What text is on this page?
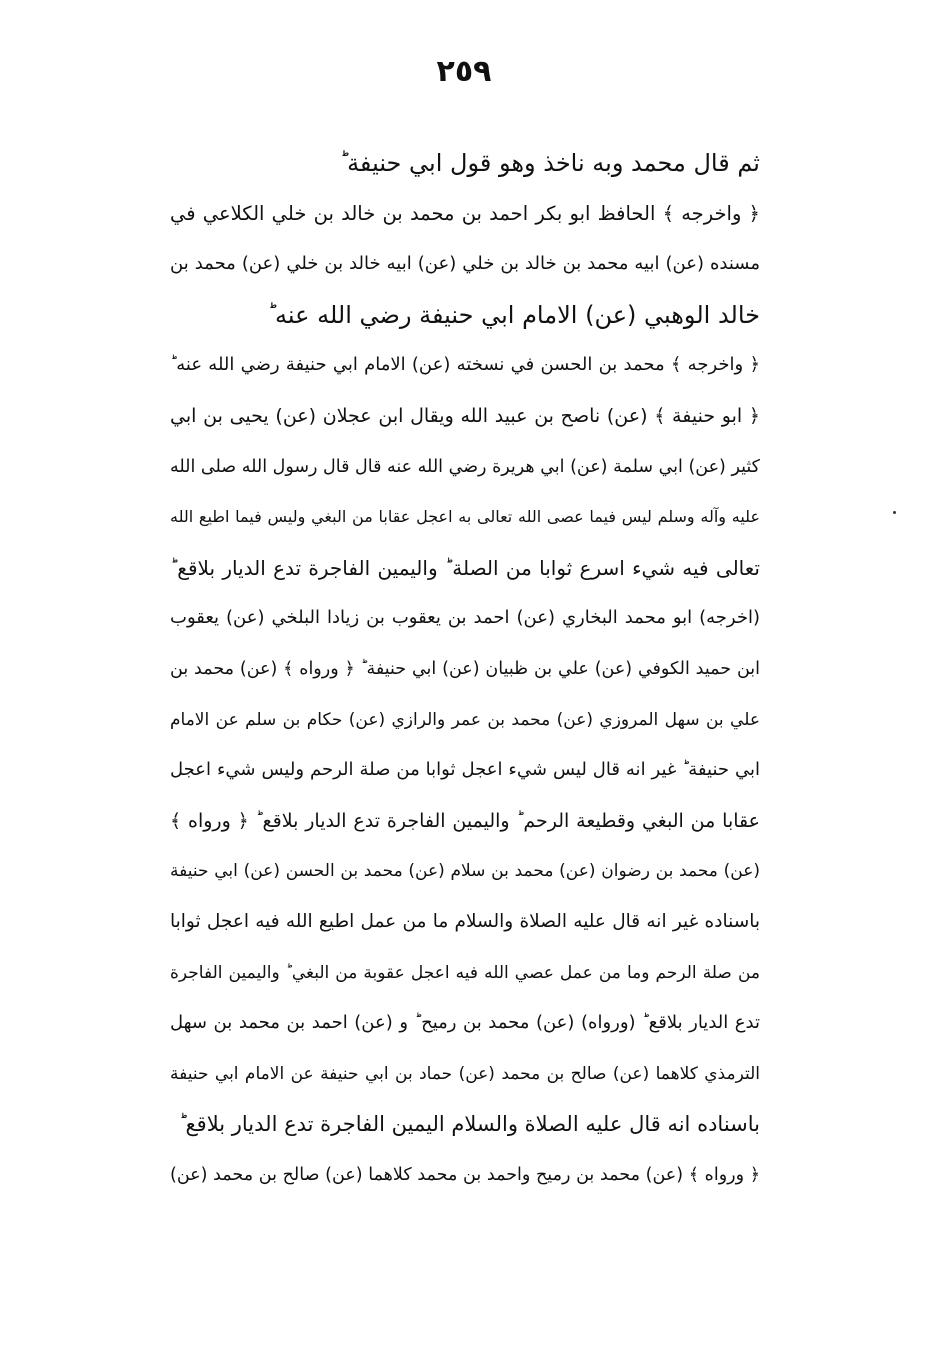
٢٥٩
ثم قال محمد وبه ناخذ وهو قول ابي حنيفة ؕ
﴿ واخرجه ﴾ الحافظ ابو بكر احمد بن محمد بن خالد بن خلي الكلاعي في
مسنده (عن) ابيه محمد بن خالد بن خلي (عن) ابيه خالد بن خلي (عن) محمد بن
خالد الوهبي (عن) الامام ابي حنيفة رضي الله عنه ؕ
﴿ واخرجه ﴾ محمد بن الحسن في نسخته (عن) الامام ابي حنيفة رضي الله عنه ؕ
﴿ ابو حنيفة ﴾ (عن) ناصح بن عبيد الله ويقال ابن عجلان (عن) يحيى بن ابي
كثير (عن) ابي سلمة (عن) ابي هريرة رضي الله عنه قال قال رسول الله صلى الله
عليه وآله وسلم ليس فيما عصى الله تعالى به اعجل عقابا من البغي وليس فيما اطيع الله
تعالى فيه شيء اسرع ثوابا من الصلة ؕ واليمين الفاجرة تدع الديار بلاقع ؕ
(اخرجه) ابو محمد البخاري (عن) احمد بن يعقوب بن زيادا البلخي (عن) يعقوب
ابن حميد الكوفي (عن) علي بن ظبيان (عن) ابي حنيفة ؕ ﴿ ورواه ﴾ (عن) محمد بن
علي بن سهل المروزي (عن) محمد بن عمر والرازي (عن) حكام بن سلم عن الامام
ابي حنيفة ؕ غير انه قال ليس شيء اعجل ثوابا من صلة الرحم وليس شيء اعجل
عقابا من البغي وقطيعة الرحم ؕ واليمين الفاجرة تدع الديار بلاقع ؕ ﴿ ورواه ﴾
(عن) محمد بن رضوان (عن) محمد بن سلام (عن) محمد بن الحسن (عن) ابي حنيفة
باسناده غير انه قال عليه الصلاة والسلام ما من عمل اطيع الله فيه اعجل ثوابا
من صلة الرحم وما من عمل عصي الله فيه اعجل عقوبة من البغي ؕ واليمين الفاجرة
تدع الديار بلاقع ؕ (ورواه) (عن) محمد بن رميح ؕ و (عن) احمد بن محمد بن سهل
الترمذي كلاهما (عن) صالح بن محمد (عن) حماد بن ابي حنيفة عن الامام ابي حنيفة
باسناده انه قال عليه الصلاة والسلام اليمين الفاجرة تدع الديار بلاقع ؕ
﴿ ورواه ﴾ (عن) محمد بن رميح واحمد بن محمد كلاهما (عن) صالح بن محمد (عن)
